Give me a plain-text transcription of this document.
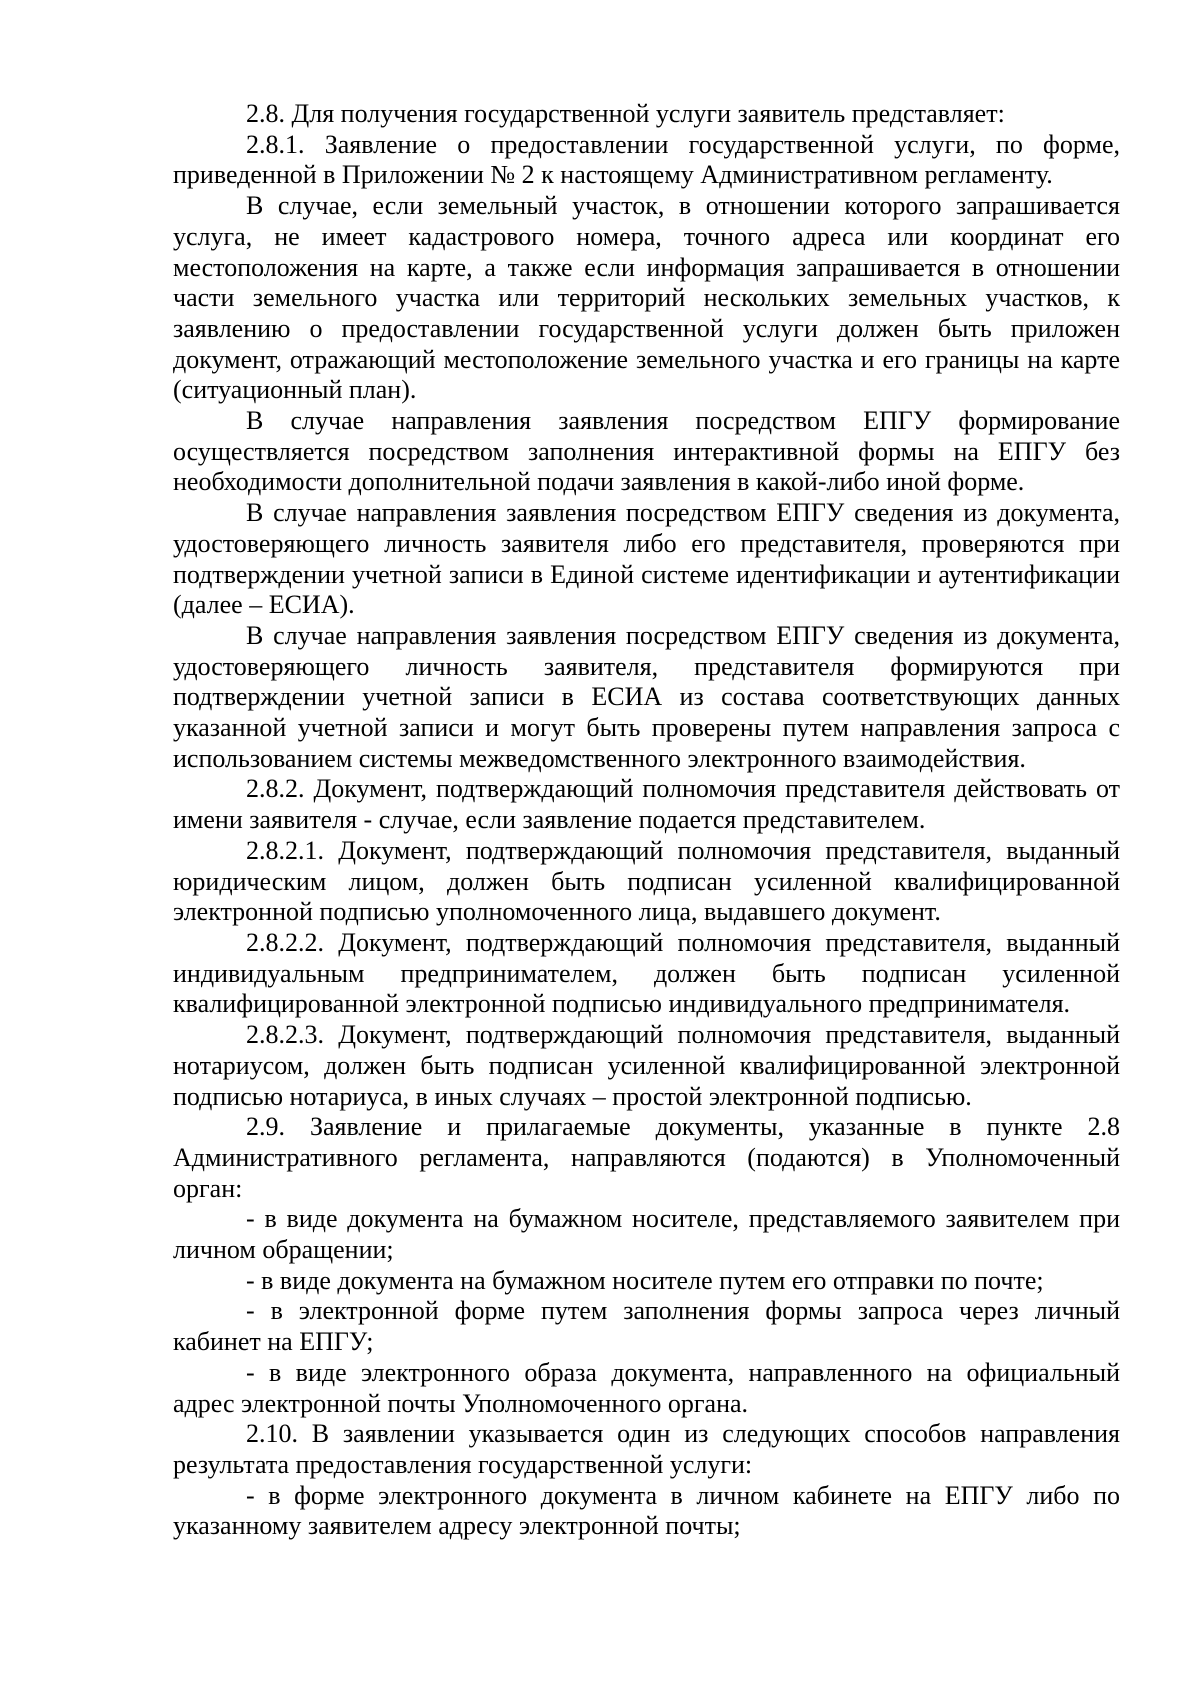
2.8. Для получения государственной услуги заявитель представляет:

2.8.1. Заявление о предоставлении государственной услуги, по форме, приведенной в Приложении № 2 к настоящему Административном регламенту.

В случае, если земельный участок, в отношении которого запрашивается услуга, не имеет кадастрового номера, точного адреса или координат его местоположения на карте, а также если информация запрашивается в отношении части земельного участка или территорий нескольких земельных участков, к заявлению о предоставлении государственной услуги должен быть приложен документ, отражающий местоположение земельного участка и его границы на карте (ситуационный план).

В случае направления заявления посредством ЕПГУ формирование осуществляется посредством заполнения интерактивной формы на ЕПГУ без необходимости дополнительной подачи заявления в какой-либо иной форме.

В случае направления заявления посредством ЕПГУ сведения из документа, удостоверяющего личность заявителя либо его представителя, проверяются при подтверждении учетной записи в Единой системе идентификации и аутентификации (далее – ЕСИА).

В случае направления заявления посредством ЕПГУ сведения из документа, удостоверяющего личность заявителя, представителя формируются при подтверждении учетной записи в ЕСИА из состава соответствующих данных указанной учетной записи и могут быть проверены путем направления запроса с использованием системы межведомственного электронного взаимодействия.

2.8.2. Документ, подтверждающий полномочия представителя действовать от имени заявителя - случае, если заявление подается представителем.

2.8.2.1. Документ, подтверждающий полномочия представителя, выданный юридическим лицом, должен быть подписан усиленной квалифицированной электронной подписью уполномоченного лица, выдавшего документ.

2.8.2.2. Документ, подтверждающий полномочия представителя, выданный индивидуальным предпринимателем, должен быть подписан усиленной квалифицированной электронной подписью индивидуального предпринимателя.

2.8.2.3. Документ, подтверждающий полномочия представителя, выданный нотариусом, должен быть подписан усиленной квалифицированной электронной подписью нотариуса, в иных случаях – простой электронной подписью.

2.9. Заявление и прилагаемые документы, указанные в пункте 2.8 Административного регламента, направляются (подаются) в Уполномоченный орган:

- в виде документа на бумажном носителе, представляемого заявителем при личном обращении;

- в виде документа на бумажном носителе путем его отправки по почте;

- в электронной форме путем заполнения формы запроса через личный кабинет на ЕПГУ;

- в виде электронного образа документа, направленного на официальный адрес электронной почты Уполномоченного органа.

2.10. В заявлении указывается один из следующих способов направления результата предоставления государственной услуги:

- в форме электронного документа в личном кабинете на ЕПГУ либо по указанному заявителем адресу электронной почты;
